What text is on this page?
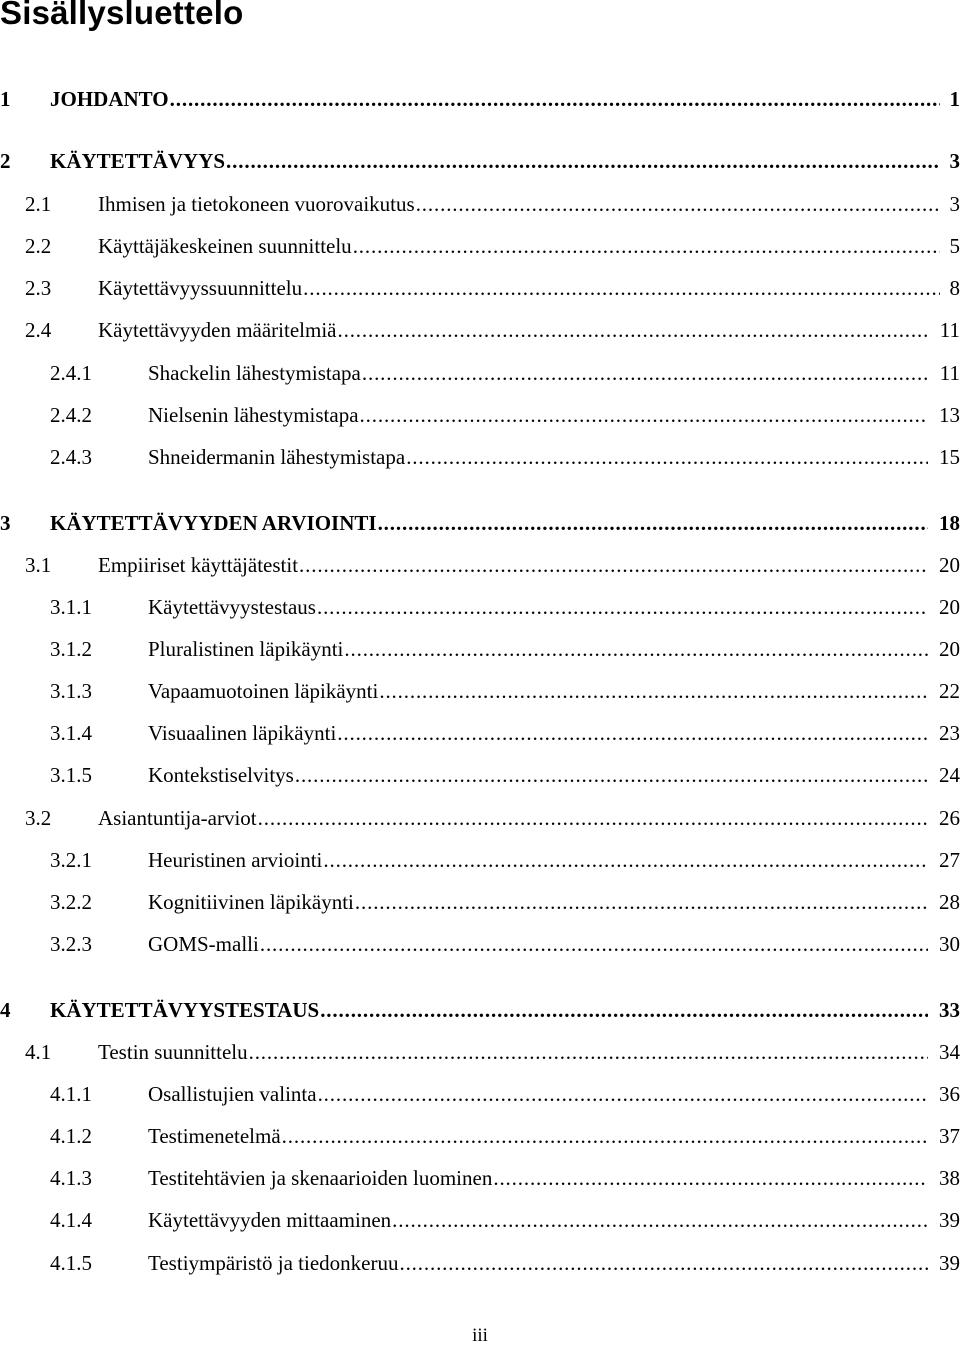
Sisällysluettelo
1 JOHDANTO . . .	1
2 KÄYTETTÄVYYS . . .	3
2.1 Ihmisen ja tietokoneen vuorovaikutus . . .	3
2.2 Käyttäjäkeskeinen suunnittelu . . .	5
2.3 Käytettävyyssuunnittelu . . .	8
2.4 Käytettävyyden määritelmiä . . .	11
2.4.1	Shackelin lähestymistapa . . .	11
2.4.2	Nielsenin lähestymistapa . . .	13
2.4.3	Shneidermanin lähestymistapa . . .	15
3 KÄYTETTÄVYYDEN ARVIOINTI . . .	18
3.1 Empiiriset käyttäjätestit . . .	20
3.1.1	Käytettävyystestaus . . .	20
3.1.2	Pluralistinen läpikäynti . . .	20
3.1.3	Vapaamuotoinen läpikäynti . . .	22
3.1.4	Visuaalinen läpikäynti . . .	23
3.1.5	Kontekstiselvitys . . .	24
3.2 Asiantuntija-arviot . . .	26
3.2.1	Heuristinen arviointi . . .	27
3.2.2	Kognitiivinen läpikäynti . . .	28
3.2.3	GOMS-malli . . .	30
4 KÄYTETTÄVYYSTESTAUS . . .	33
4.1 Testin suunnittelu . . .	34
4.1.1	Osallistujien valinta . . .	36
4.1.2	Testimenetelmä . . .	37
4.1.3	Testitehtävien ja skenaarioiden luominen . . .	38
4.1.4	Käytettävyyden mittaaminen . . .	39
4.1.5	Testiympäristö ja tiedonkeruu . . .	39
iii
